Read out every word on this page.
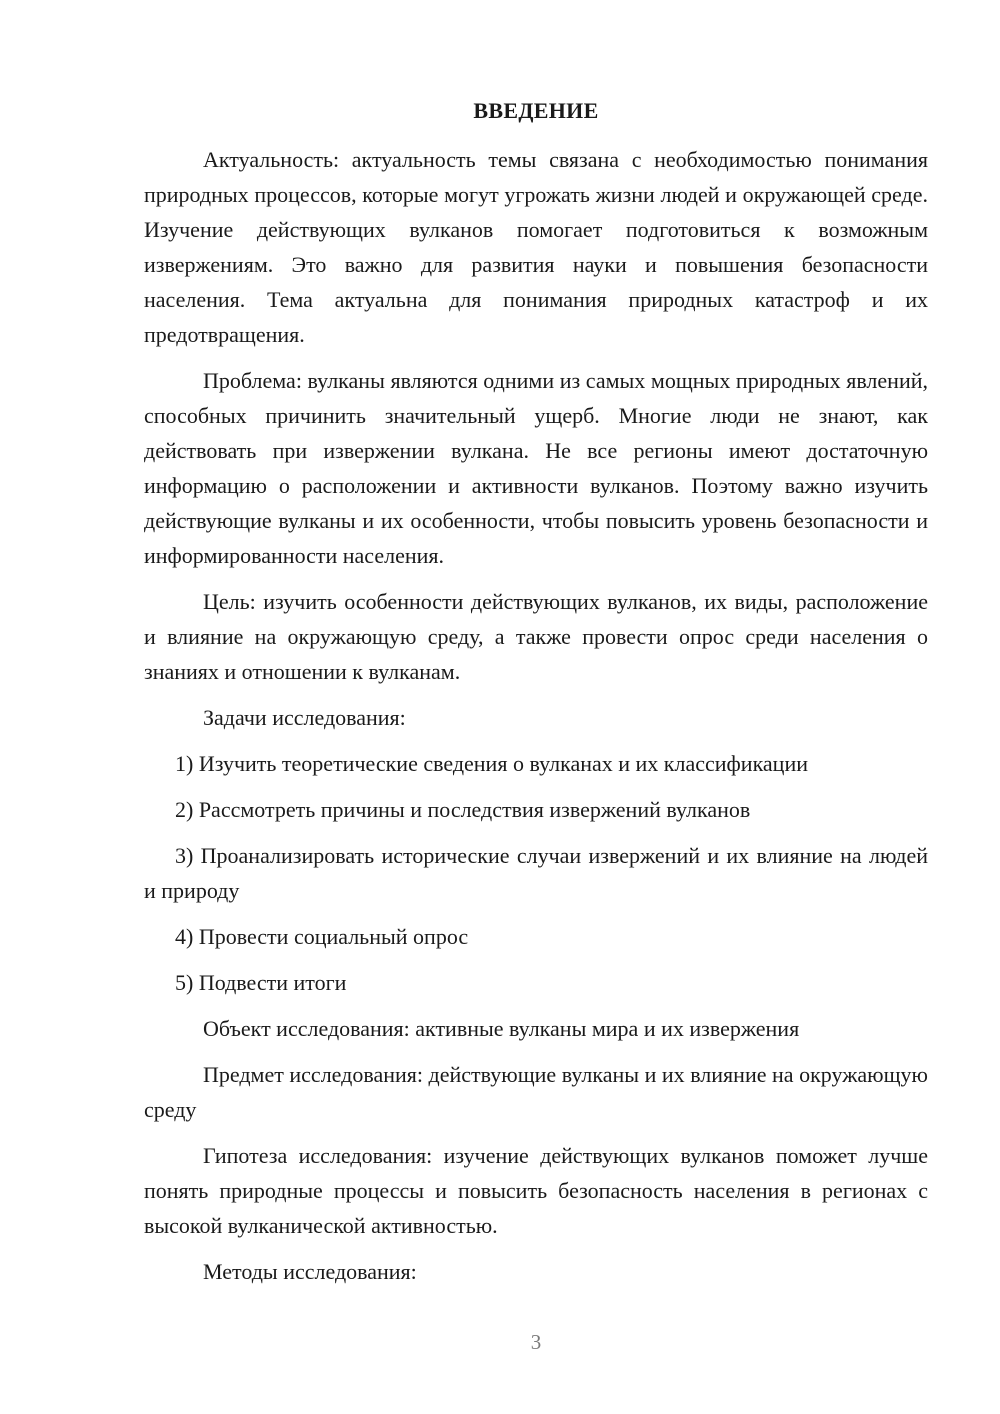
ВВЕДЕНИЕ

Актуальность: актуальность темы связана с необходимостью понимания природных процессов, которые могут угрожать жизни людей и окружающей среде. Изучение действующих вулканов помогает подготовиться к возможным извержениям. Это важно для развития науки и повышения безопасности населения. Тема актуальна для понимания природных катастроф и их предотвращения.

Проблема: вулканы являются одними из самых мощных природных явлений, способных причинить значительный ущерб. Многие люди не знают, как действовать при извержении вулкана. Не все регионы имеют достаточную информацию о расположении и активности вулканов. Поэтому важно изучить действующие вулканы и их особенности, чтобы повысить уровень безопасности и информированности населения.

Цель: изучить особенности действующих вулканов, их виды, расположение и влияние на окружающую среду, а также провести опрос среди населения о знаниях и отношении к вулканам.

Задачи исследования:

1) Изучить теоретические сведения о вулканах и их классификации

2) Рассмотреть причины и последствия извержений вулканов

3) Проанализировать исторические случаи извержений и их влияние на людей и природу

4) Провести социальный опрос

5) Подвести итоги

Объект исследования: активные вулканы мира и их извержения

Предмет исследования: действующие вулканы и их влияние на окружающую среду

Гипотеза исследования: изучение действующих вулканов поможет лучше понять природные процессы и повысить безопасность населения в регионах с высокой вулканической активностью.

Методы исследования:

3
